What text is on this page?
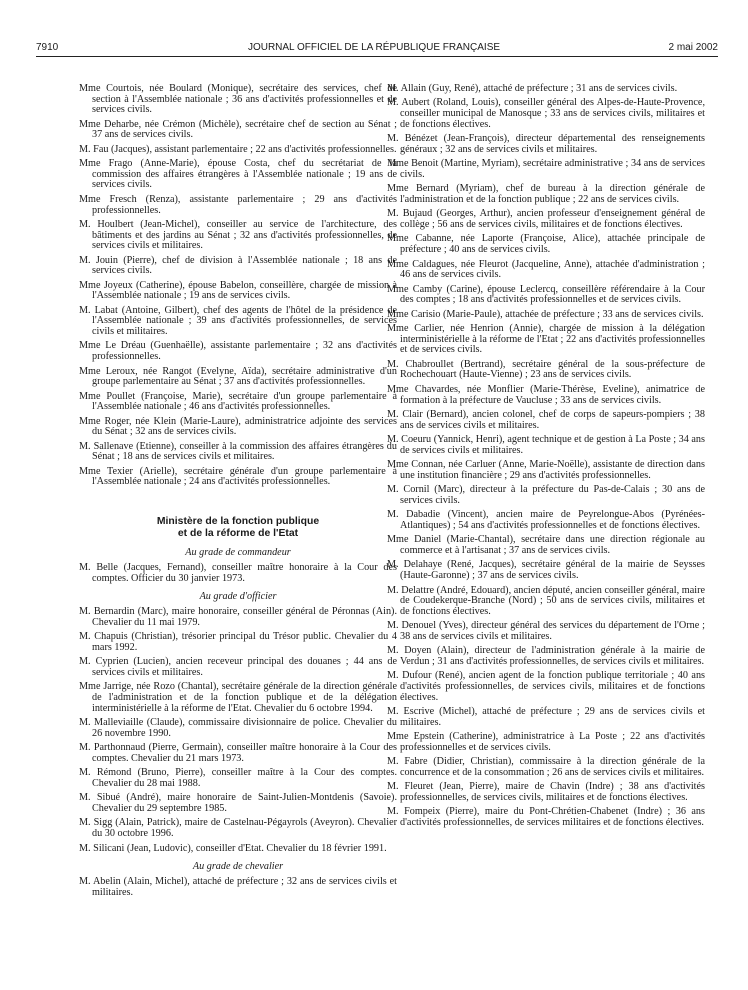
7910	JOURNAL OFFICIEL DE LA RÉPUBLIQUE FRANÇAISE	2 mai 2002

Mme Courtois, née Boulard (Monique), secrétaire des services, chef de section à l'Assemblée nationale ; 36 ans d'activités professionnelles et de services civils.

Mme Deharbe, née Crémon (Michèle), secrétaire chef de section au Sénat ; 37 ans de services civils.

M. Fau (Jacques), assistant parlementaire ; 22 ans d'activités professionnelles.

Mme Frago (Anne-Marie), épouse Costa, chef du secrétariat de la commission des affaires étrangères à l'Assemblée nationale ; 19 ans de services civils.

Mme Fresch (Renza), assistante parlementaire ; 29 ans d'activités professionnelles.

M. Houlbert (Jean-Michel), conseiller au service de l'architecture, des bâtiments et des jardins au Sénat ; 32 ans d'activités professionnelles, de services civils et militaires.

M. Jouin (Pierre), chef de division à l'Assemblée nationale ; 18 ans de services civils.

Mme Joyeux (Catherine), épouse Babelon, conseillère, chargée de mission à l'Assemblée nationale ; 19 ans de services civils.

M. Labat (Antoine, Gilbert), chef des agents de l'hôtel de la présidence de l'Assemblée nationale ; 39 ans d'activités professionnelles, de services civils et militaires.

Mme Le Dréau (Guenhaëlle), assistante parlementaire ; 32 ans d'activités professionnelles.

Mme Leroux, née Rangot (Evelyne, Aïda), secrétaire administrative d'un groupe parlementaire au Sénat ; 37 ans d'activités professionnelles.

Mme Poullet (Françoise, Marie), secrétaire d'un groupe parlementaire à l'Assemblée nationale ; 46 ans d'activités professionnelles.

Mme Roger, née Klein (Marie-Laure), administratrice adjointe des services du Sénat ; 32 ans de services civils.

M. Sallenave (Etienne), conseiller à la commission des affaires étrangères du Sénat ; 18 ans de services civils et militaires.

Mme Texier (Arielle), secrétaire générale d'un groupe parlementaire à l'Assemblée nationale ; 24 ans d'activités professionnelles.

Ministère de la fonction publique
et de la réforme de l'Etat
Au grade de commandeur

M. Belle (Jacques, Fernand), conseiller maître honoraire à la Cour des comptes. Officier du 30 janvier 1973.

Au grade d'officier

M. Bernardin (Marc), maire honoraire, conseiller général de Péronnas (Ain). Chevalier du 11 mai 1979.

M. Chapuis (Christian), trésorier principal du Trésor public. Chevalier du 4 mars 1992.

M. Cyprien (Lucien), ancien receveur principal des douanes ; 44 ans de services civils et militaires.

Mme Jarrige, née Rozo (Chantal), secrétaire générale de la direction générale de l'administration et de la fonction publique et de la délégation interministérielle à la réforme de l'Etat. Chevalier du 6 octobre 1994.

M. Malleviaille (Claude), commissaire divisionnaire de police. Chevalier du 26 novembre 1990.

M. Parthonnaud (Pierre, Germain), conseiller maître honoraire à la Cour des comptes. Chevalier du 21 mars 1973.

M. Rémond (Bruno, Pierre), conseiller maître à la Cour des comptes. Chevalier du 28 mai 1988.

M. Sibué (André), maire honoraire de Saint-Julien-Montdenis (Savoie). Chevalier du 29 septembre 1985.

M. Sigg (Alain, Patrick), maire de Castelnau-Pégayrols (Aveyron). Chevalier du 30 octobre 1996.

M. Silicani (Jean, Ludovic), conseiller d'Etat. Chevalier du 18 février 1991.

Au grade de chevalier

M. Abelin (Alain, Michel), attaché de préfecture ; 32 ans de services civils et militaires.

M. Allain (Guy, René), attaché de préfecture ; 31 ans de services civils.

M. Aubert (Roland, Louis), conseiller général des Alpes-de-Haute-Provence, conseiller municipal de Manosque ; 33 ans de services civils, militaires et de fonctions électives.

M. Bénézet (Jean-François), directeur départemental des renseignements généraux ; 32 ans de services civils et militaires.

Mme Benoit (Martine, Myriam), secrétaire administrative ; 34 ans de services civils.

Mme Bernard (Myriam), chef de bureau à la direction générale de l'administration et de la fonction publique ; 22 ans de services civils.

M. Bujaud (Georges, Arthur), ancien professeur d'enseignement général de collège ; 56 ans de services civils, militaires et de fonctions électives.

Mme Cabanne, née Laporte (Françoise, Alice), attachée principale de préfecture ; 40 ans de services civils.

Mme Caldagues, née Fleurot (Jacqueline, Anne), attachée d'administration ; 46 ans de services civils.

Mme Camby (Carine), épouse Leclercq, conseillère référendaire à la Cour des comptes ; 18 ans d'activités professionnelles et de services civils.

Mme Carisio (Marie-Paule), attachée de préfecture ; 33 ans de services civils.

Mme Carlier, née Henrion (Annie), chargée de mission à la délégation interministérielle à la réforme de l'Etat ; 22 ans d'activités professionnelles et de services civils.

M. Chabroullet (Bertrand), secrétaire général de la sous-préfecture de Rochechouart (Haute-Vienne) ; 23 ans de services civils.

Mme Chavardes, née Monflier (Marie-Thérèse, Eveline), animatrice de formation à la préfecture de Vaucluse ; 33 ans de services civils.

M. Clair (Bernard), ancien colonel, chef de corps de sapeurs-pompiers ; 38 ans de services civils et militaires.

M. Coeuru (Yannick, Henri), agent technique et de gestion à La Poste ; 34 ans de services civils et militaires.

Mme Connan, née Carluer (Anne, Marie-Noëlle), assistante de direction dans une institution financière ; 29 ans d'activités professionnelles.

M. Cornil (Marc), directeur à la préfecture du Pas-de-Calais ; 30 ans de services civils.

M. Dabadie (Vincent), ancien maire de Peyrelongue-Abos (Pyrénées-Atlantiques) ; 54 ans d'activités professionnelles et de fonctions électives.

Mme Daniel (Marie-Chantal), secrétaire dans une direction régionale au commerce et à l'artisanat ; 37 ans de services civils.

M. Delahaye (René, Jacques), secrétaire général de la mairie de Seysses (Haute-Garonne) ; 37 ans de services civils.

M. Delattre (André, Edouard), ancien député, ancien conseiller général, maire de Coudekerque-Branche (Nord) ; 50 ans de services civils, militaires et de fonctions électives.

M. Denouel (Yves), directeur général des services du département de l'Orne ; 38 ans de services civils et militaires.

M. Doyen (Alain), directeur de l'administration générale à la mairie de Verdun ; 31 ans d'activités professionnelles, de services civils et militaires.

M. Dufour (René), ancien agent de la fonction publique territoriale ; 40 ans d'activités professionnelles, de services civils, militaires et de fonctions électives.

M. Escrive (Michel), attaché de préfecture ; 29 ans de services civils et militaires.

Mme Epstein (Catherine), administratrice à La Poste ; 22 ans d'activités professionnelles et de services civils.

M. Fabre (Didier, Christian), commissaire à la direction générale de la concurrence et de la consommation ; 26 ans de services civils et militaires.

M. Fleuret (Jean, Pierre), maire de Chavin (Indre) ; 38 ans d'activités professionnelles, de services civils, militaires et de fonctions électives.

M. Fompeix (Pierre), maire du Pont-Chrétien-Chabenet (Indre) ; 36 ans d'activités professionnelles, de services militaires et de fonctions électives.
